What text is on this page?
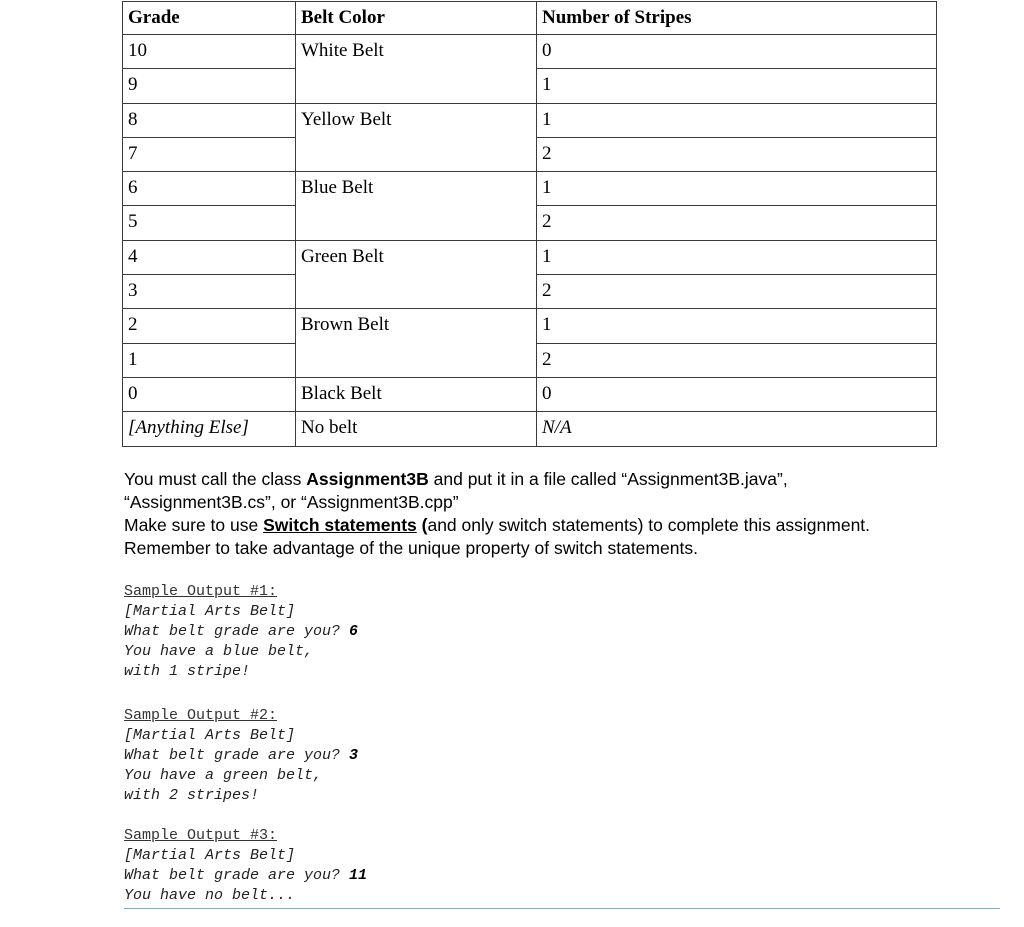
Grade	Belt Color	Number of Stripes
10	White Belt	0
9		1
8	Yellow Belt	1
7		2
6	Blue Belt	1
5		2
4	Green Belt	1
3		2
2	Brown Belt	1
1		2
0	Black Belt	0
[Anything Else]	No belt	N/A

You must call the class Assignment3B and put it in a file called “Assignment3B.java”, “Assignment3B.cs”, or “Assignment3B.cpp”

Make sure to use Switch statements (and only switch statements) to complete this assignment. Remember to take advantage of the unique property of switch statements.

Sample Output #1:
[Martial Arts Belt]
What belt grade are you? 6
You have a blue belt,
with 1 stripe!
Sample Output #2:
[Martial Arts Belt]
What belt grade are you? 3
You have a green belt,
with 2 stripes!
Sample Output #3:
[Martial Arts Belt]
What belt grade are you? 11
You have no belt...
